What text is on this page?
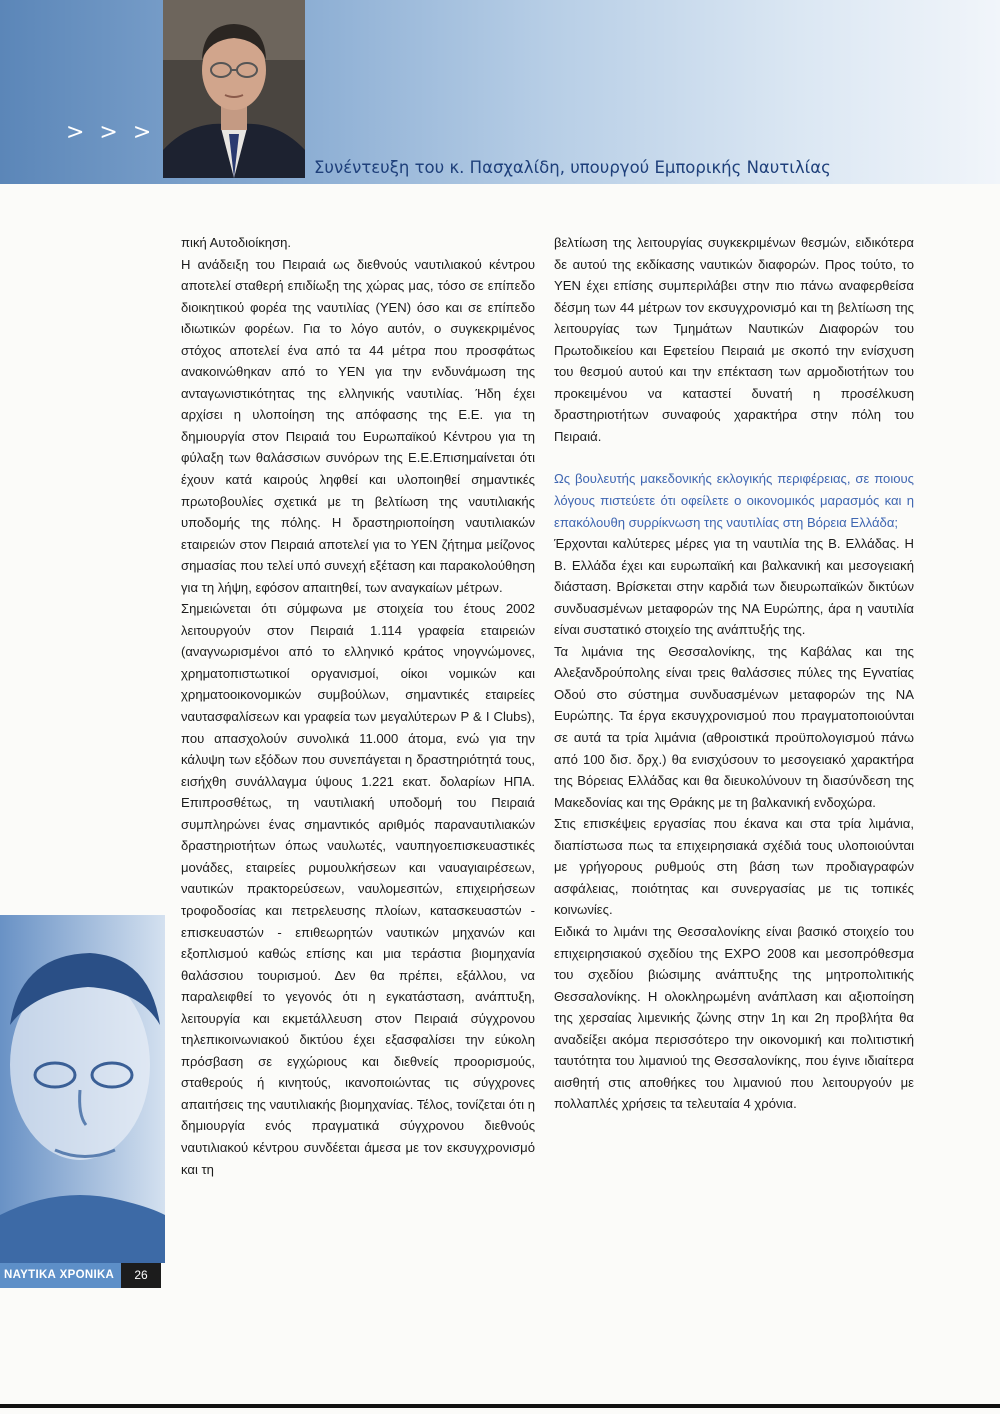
> > >
Συνέντευξη του κ. Πασχαλίδη, υπουργού Εμπορικής Ναυτιλίας

πική Αυτοδιοίκηση.

Η ανάδειξη του Πειραιά ως διεθνούς ναυτιλιακού κέντρου αποτελεί σταθερή επιδίωξη της χώρας μας, τόσο σε επίπεδο διοικητικού φορέα της ναυτιλίας (ΥΕΝ) όσο και σε επίπεδο ιδιωτικών φορέων. Για το λόγο αυτόν, ο συγκεκριμένος στόχος αποτελεί ένα από τα 44 μέτρα που προσφάτως ανακοινώθηκαν από το ΥΕΝ για την ενδυνάμωση της ανταγωνιστικότητας της ελληνικής ναυτιλίας. Ήδη έχει αρχίσει η υλοποίηση της απόφασης της Ε.Ε. για τη δημιουργία στον Πειραιά του Ευρωπαϊκού Κέντρου για τη φύλαξη των θαλάσσιων συνόρων της Ε.Ε.Επισημαίνεται ότι έχουν κατά καιρούς ληφθεί και υλοποιηθεί σημαντικές πρωτοβουλίες σχετικά με τη βελτίωση της ναυτιλιακής υποδομής της πόλης. Η δραστηριοποίηση ναυτιλιακών εταιρειών στον Πειραιά αποτελεί για το ΥΕΝ ζήτημα μείζονος σημασίας που τελεί υπό συνεχή εξέταση και παρακολούθηση για τη λήψη, εφόσον απαιτηθεί, των αναγκαίων μέτρων.

Σημειώνεται ότι σύμφωνα με στοιχεία του έτους 2002 λειτουργούν στον Πειραιά 1.114 γραφεία εταιρειών (αναγνωρισμένοι από το ελληνικό κράτος νηογνώμονες, χρηματοπιστωτικοί οργανισμοί, οίκοι νομικών και χρηματοοικονομικών συμβούλων, σημαντικές εταιρείες ναυτασφαλίσεων και γραφεία των μεγαλύτερων P & I Clubs), που απασχολούν συνολικά 11.000 άτομα, ενώ για την κάλυψη των εξόδων που συνεπάγεται η δραστηριότητά τους, εισήχθη συνάλλαγμα ύψους 1.221 εκατ. δολαρίων ΗΠΑ. Επιπροσθέτως, τη ναυτιλιακή υποδομή του Πειραιά συμπληρώνει ένας σημαντικός αριθμός παραναυτιλιακών δραστηριοτήτων όπως ναυλωτές, ναυπηγοεπισκευαστικές μονάδες, εταιρείες ρυμουλκήσεων και ναυαγιαιρέσεων, ναυτικών πρακτορεύσεων, ναυλομεσιτών, επιχειρήσεων τροφοδοσίας και πετρελευσης πλοίων, κατασκευαστών - επισκευαστών - επιθεωρητών ναυτικών μηχανών και εξοπλισμού καθώς επίσης και μια τεράστια βιομηχανία θαλάσσιου τουρισμού. Δεν θα πρέπει, εξάλλου, να παραλειφθεί το γεγονός ότι η εγκατάσταση, ανάπτυξη, λειτουργία και εκμετάλλευση στον Πειραιά σύγχρονου τηλεπικοινωνιακού δικτύου έχει εξασφαλίσει την εύκολη πρόσβαση σε εγχώριους και διεθνείς προορισμούς, σταθερούς ή κινητούς, ικανοποιώντας τις σύγχρονες απαιτήσεις της ναυτιλιακής βιομηχανίας. Τέλος, τονίζεται ότι η δημιουργία ενός πραγματικά σύγχρονου διεθνούς ναυτιλιακού κέντρου συνδέεται άμεσα με τον εκσυγχρονισμό και τη

βελτίωση της λειτουργίας συγκεκριμένων θεσμών, ειδικότερα δε αυτού της εκδίκασης ναυτικών διαφορών. Προς τούτο, το ΥΕΝ έχει επίσης συμπεριλάβει στην πιο πάνω αναφερθείσα δέσμη των 44 μέτρων τον εκσυγχρονισμό και τη βελτίωση της λειτουργίας των Τμημάτων Ναυτικών Διαφορών του Πρωτοδικείου και Εφετείου Πειραιά με σκοπό την ενίσχυση του θεσμού αυτού και την επέκταση των αρμοδιοτήτων του προκειμένου να καταστεί δυνατή η προσέλκυση δραστηριοτήτων συναφούς χαρακτήρα στην πόλη του Πειραιά.

Ως βουλευτής μακεδονικής εκλογικής περιφέρειας, σε ποιους λόγους πιστεύετε ότι οφείλετε ο οικονομικός μαρασμός και η επακόλουθη συρρίκνωση της ναυτιλίας στη Βόρεια Ελλάδα;

Έρχονται καλύτερες μέρες για τη ναυτιλία της Β. Ελλάδας. Η Β. Ελλάδα έχει και ευρωπαϊκή και βαλκανική και μεσογειακή διάσταση. Βρίσκεται στην καρδιά των διευρωπαϊκών δικτύων συνδυασμένων μεταφορών της ΝΑ Ευρώπης, άρα η ναυτιλία είναι συστατικό στοιχείο της ανάπτυξής της.

Τα λιμάνια της Θεσσαλονίκης, της Καβάλας και της Αλεξανδρούπολης είναι τρεις θαλάσσιες πύλες της Εγνατίας Οδού στο σύστημα συνδυασμένων μεταφορών της ΝΑ Ευρώπης. Τα έργα εκσυγχρονισμού που πραγματοποιούνται σε αυτά τα τρία λιμάνια (αθροιστικά προϋπολογισμού πάνω από 100 δισ. δρχ.) θα ενισχύσουν το μεσογειακό χαρακτήρα της Βόρειας Ελλάδας και θα διευκολύνουν τη διασύνδεση της Μακεδονίας και της Θράκης με τη βαλκανική ενδοχώρα.

Στις επισκέψεις εργασίας που έκανα και στα τρία λιμάνια, διαπίστωσα πως τα επιχειρησιακά σχέδιά τους υλοποιούνται με γρήγορους ρυθμούς στη βάση των προδιαγραφών ασφάλειας, ποιότητας και συνεργασίας με τις τοπικές κοινωνίες.

Ειδικά το λιμάνι της Θεσσαλονίκης είναι βασικό στοιχείο του επιχειρησιακού σχεδίου της EXPO 2008 και μεσοπρόθεσμα του σχεδίου βιώσιμης ανάπτυξης της μητροπολιτικής Θεσσαλονίκης. Η ολοκληρωμένη ανάπλαση και αξιοποίηση της χερσαίας λιμενικής ζώνης στην 1η και 2η προβλήτα θα αναδείξει ακόμα περισσότερο την οικονομική και πολιτιστική ταυτότητα του λιμανιού της Θεσσαλονίκης, που έγινε ιδιαίτερα αισθητή στις αποθήκες του λιμανιού που λειτουργούν με πολλαπλές χρήσεις τα τελευταία 4 χρόνια.

ΝΑΥΤΙΚΑ ΧΡΟΝΙΚΑ	26
